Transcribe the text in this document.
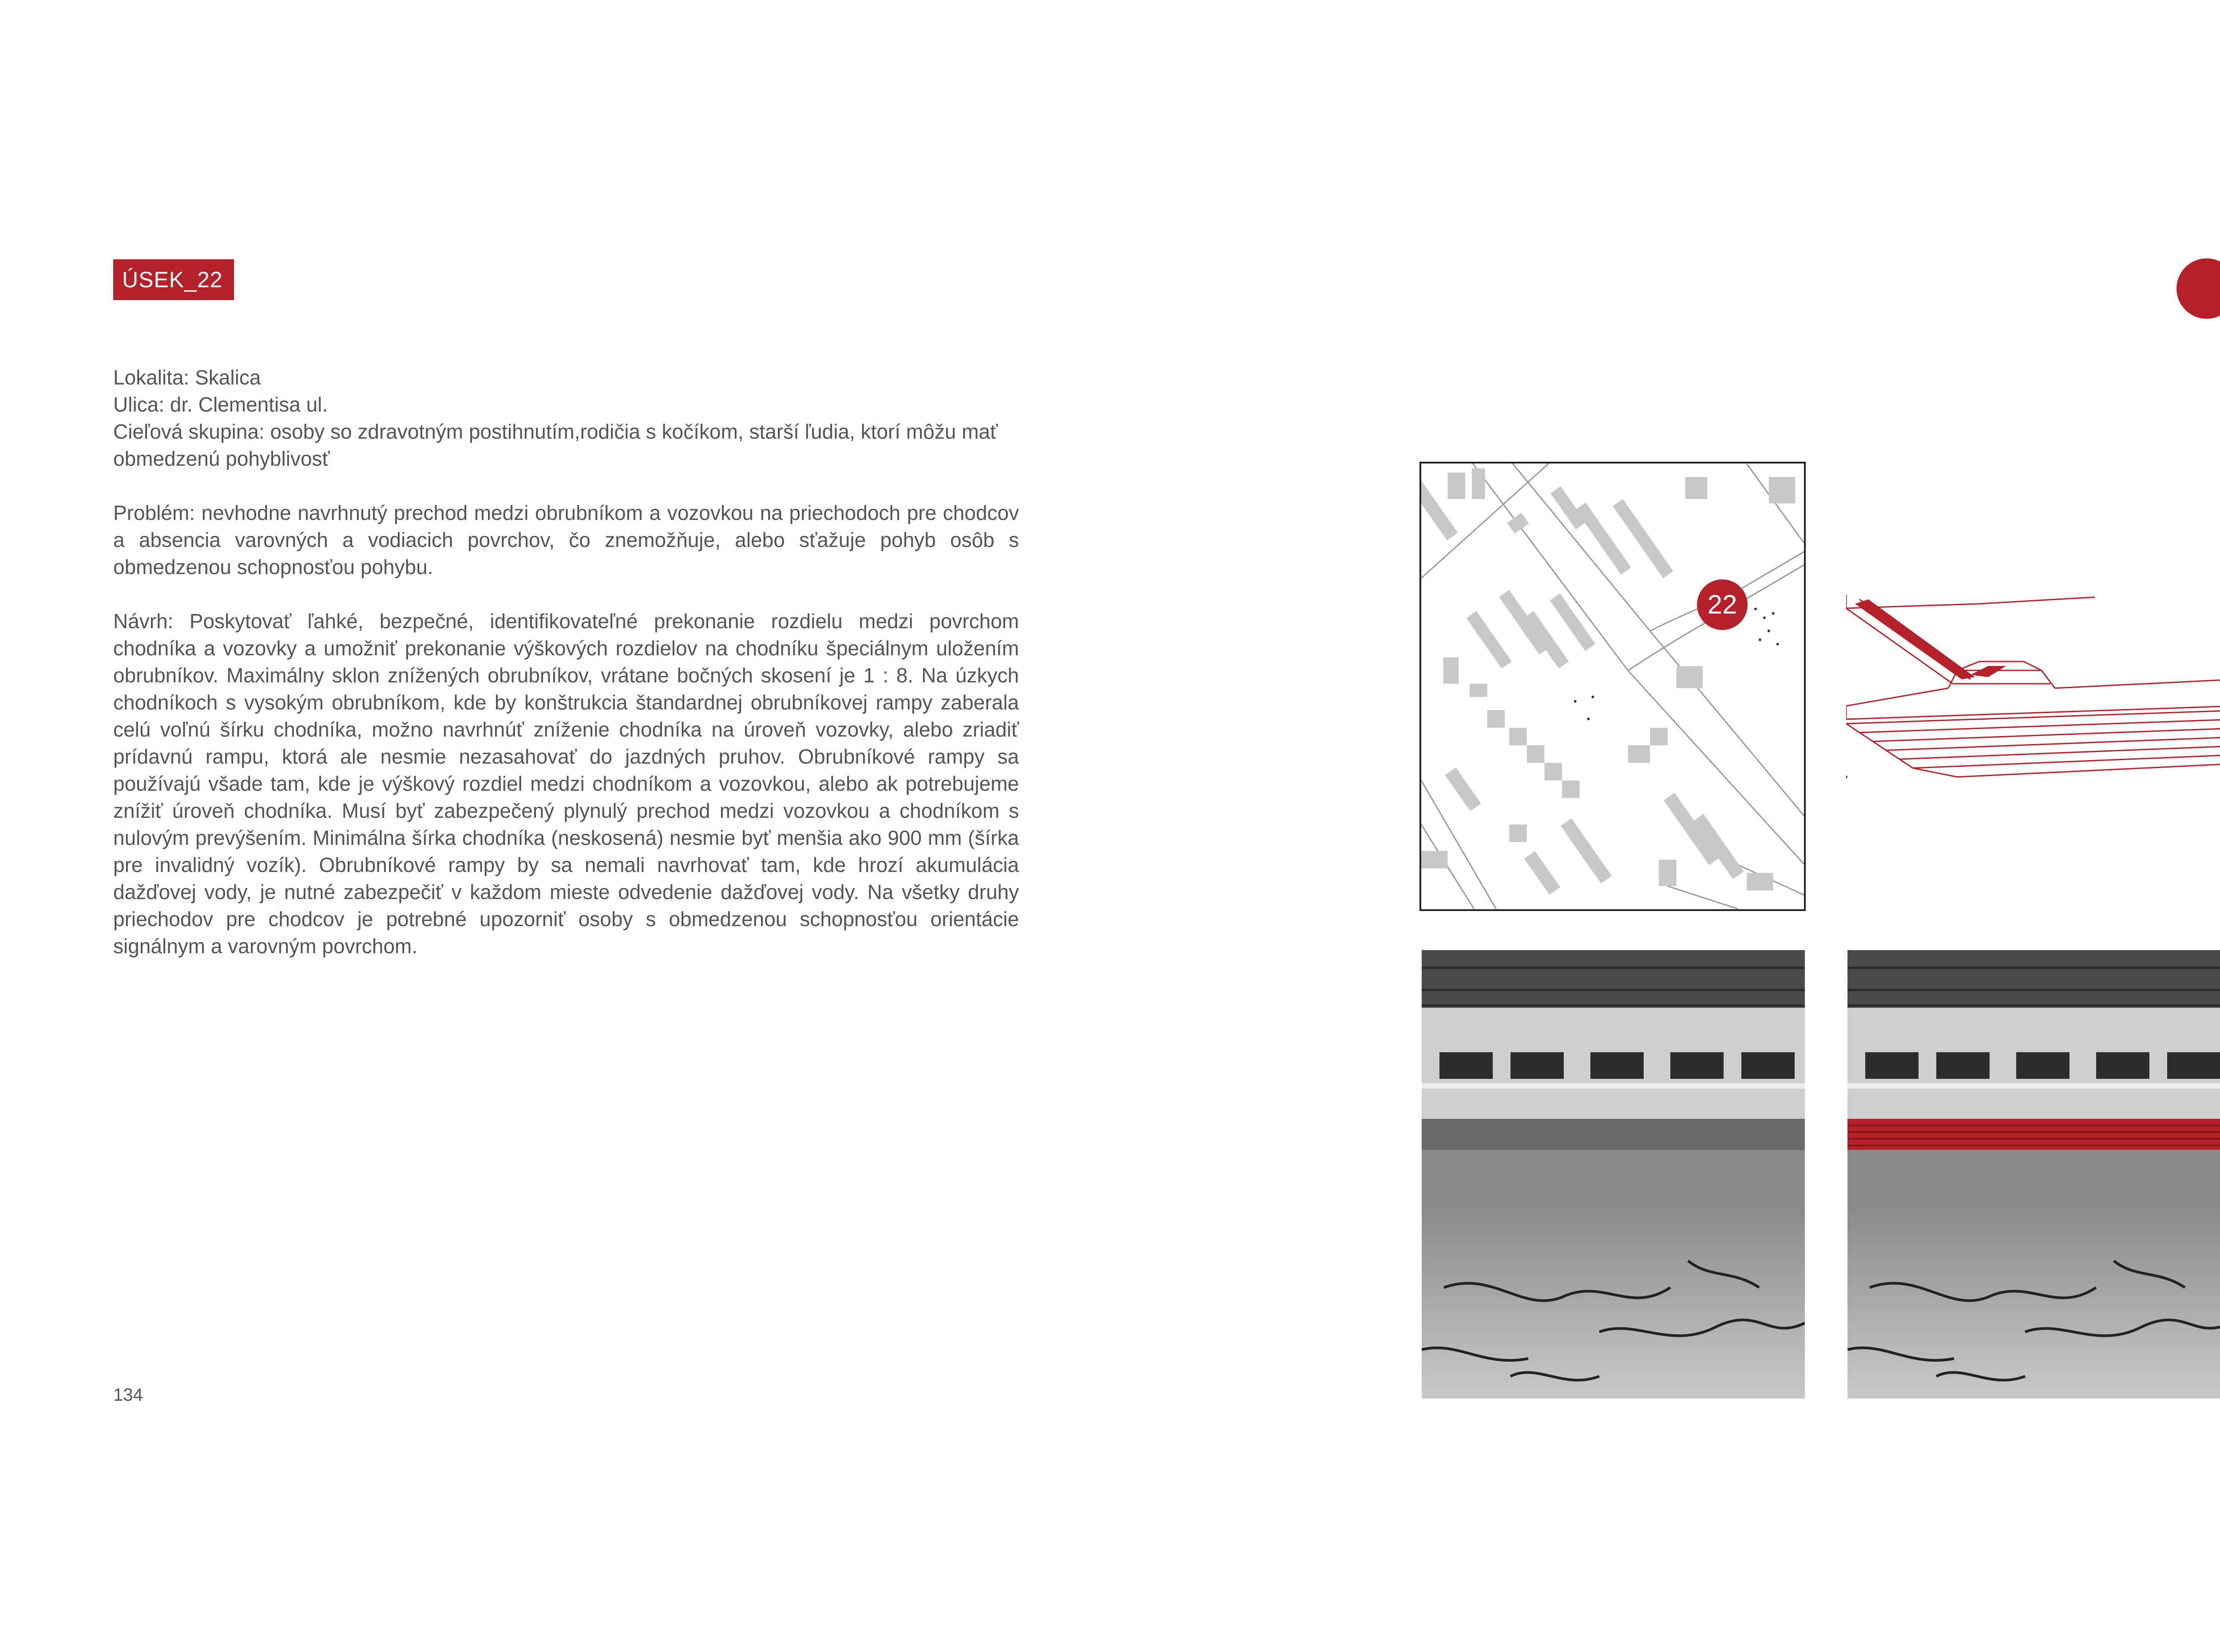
ÚSEK_22

Lokalita: Skalica

Ulica: dr. Clementisa ul.

Cieľová skupina: osoby so zdravotným postihnutím,rodičia s kočíkom, starší ľudia, ktorí môžu mať obmedzenú pohyblivosť

Problém: nevhodne navrhnutý prechod medzi obrubníkom a vozovkou na priechodoch pre chodcov a absencia varovných a vodiacich povrchov, čo znemožňuje, alebo sťažuje pohyb osôb s obmedzenou schopnosťou pohybu.

Návrh: Poskytovať ľahké, bezpečné, identifikovateľné prekonanie rozdielu medzi povrchom chodníka a vozovky a umožniť prekonanie výškových rozdielov na chodníku špeciálnym uložením obrubníkov. Maximálny sklon znížených obrubníkov, vrátane bočných skosení je 1 : 8. Na úzkych chodníkoch s vysokým obrubníkom, kde by konštrukcia štandardnej obrubníkovej rampy zaberala celú voľnú šírku chodníka, možno navrhnúť zníženie chodníka na úroveň vozovky, alebo zriadiť prídavnú rampu, ktorá ale nesmie nezasahovať do jazdných pruhov. Obrubníkové rampy sa používajú všade tam, kde je výškový rozdiel medzi chodníkom a vozovkou, alebo ak potrebujeme znížiť úroveň chodníka. Musí byť zabezpečený plynulý prechod medzi vozovkou a chodníkom s nulovým prevýšením. Minimálna šírka chodníka (neskosená) nesmie byť menšia ako 900 mm (šírka pre invalidný vozík). Obrubníkové rampy by sa nemali navrhovať tam, kde hrozí akumulácia dažďovej vody, je nutné zabezpečiť v každom mieste odvedenie dažďovej vody. Na všetky druhy priechodov pre chodcov je potrebné upozorniť osoby s obmedzenou schopnosťou orientácie signálnym a varovným povrchom.

134
22
